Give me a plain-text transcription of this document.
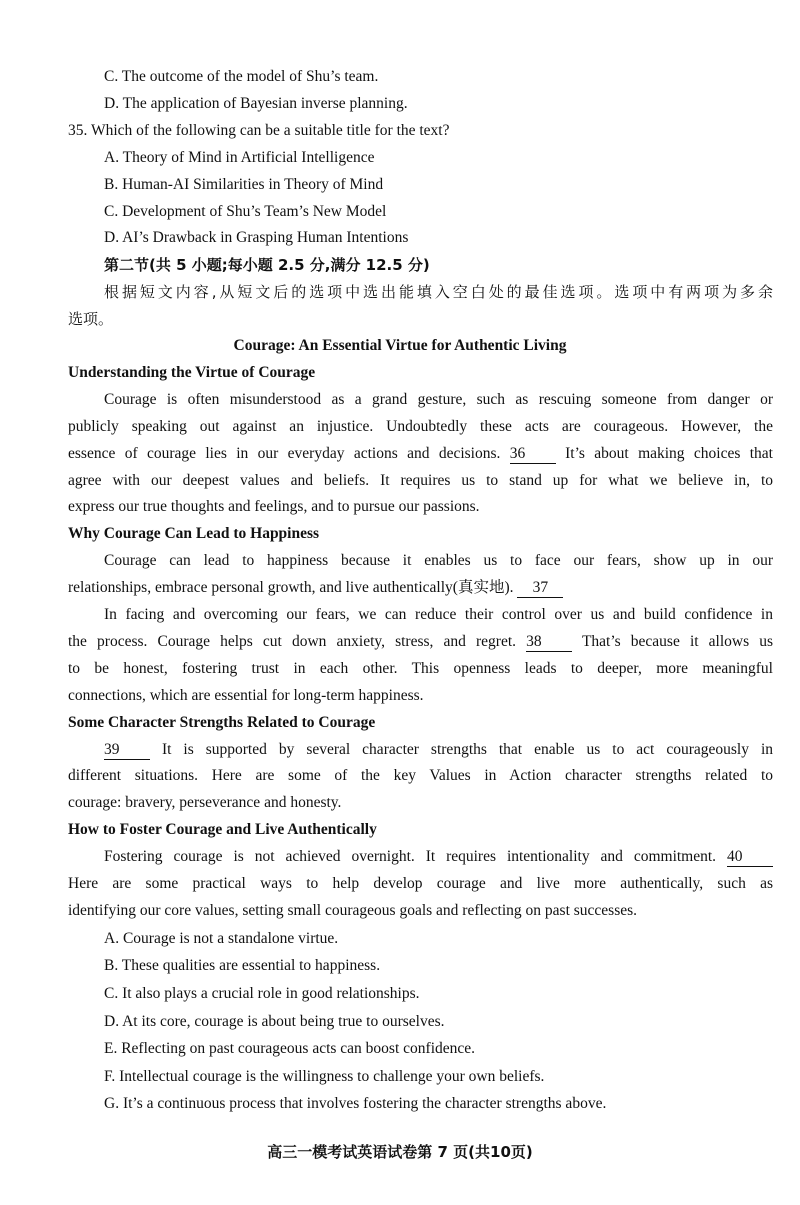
C. The outcome of the model of Shu’s team.
D. The application of Bayesian inverse planning.
35. Which of the following can be a suitable title for the text?
A. Theory of Mind in Artificial Intelligence
B. Human-AI Similarities in Theory of Mind
C. Development of Shu’s Team’s New Model
D. AI’s Drawback in Grasping Human Intentions
第二节(共 5 小题;每小题 2.5 分,满分 12.5 分)
根据短文内容,从短文后的选项中选出能填入空白处的最佳选项。选项中有两项为多余
选项。
Courage: An Essential Virtue for Authentic Living
Understanding the Virtue of Courage
Courage is often misunderstood as a grand gesture, such as rescuing someone from danger or
publicly speaking out against an injustice. Undoubtedly these acts are courageous. However, the
essence of courage lies in our everyday actions and decisions. 36	It’s about making choices that
agree with our deepest values and beliefs. It requires us to stand up for what we believe in, to
express our true thoughts and feelings, and to pursue our passions.
Why Courage Can Lead to Happiness
Courage can lead to happiness because it enables us to face our fears, show up in our
relationships, embrace personal growth, and live authentically(真实地). 37
In facing and overcoming our fears, we can reduce their control over us and build confidence in
the process. Courage helps cut down anxiety, stress, and regret. 38	That’s because it allows us
to be honest, fostering trust in each other. This openness leads to deeper, more meaningful
connections, which are essential for long-term happiness.
Some Character Strengths Related to Courage
39	It is supported by several character strengths that enable us to act courageously in
different situations. Here are some of the key Values in Action character strengths related to
courage: bravery, perseverance and honesty.
How to Foster Courage and Live Authentically
Fostering courage is not achieved overnight. It requires intentionality and commitment. 40
Here are some practical ways to help develop courage and live more authentically, such as
identifying our core values, setting small courageous goals and reflecting on past successes.
A. Courage is not a standalone virtue.
B. These qualities are essential to happiness.
C. It also plays a crucial role in good relationships.
D. At its core, courage is about being true to ourselves.
E. Reflecting on past courageous acts can boost confidence.
F. Intellectual courage is the willingness to challenge your own beliefs.
G. It’s a continuous process that involves fostering the character strengths above.
高三一模考试英语试卷第 7 页(共10页)
